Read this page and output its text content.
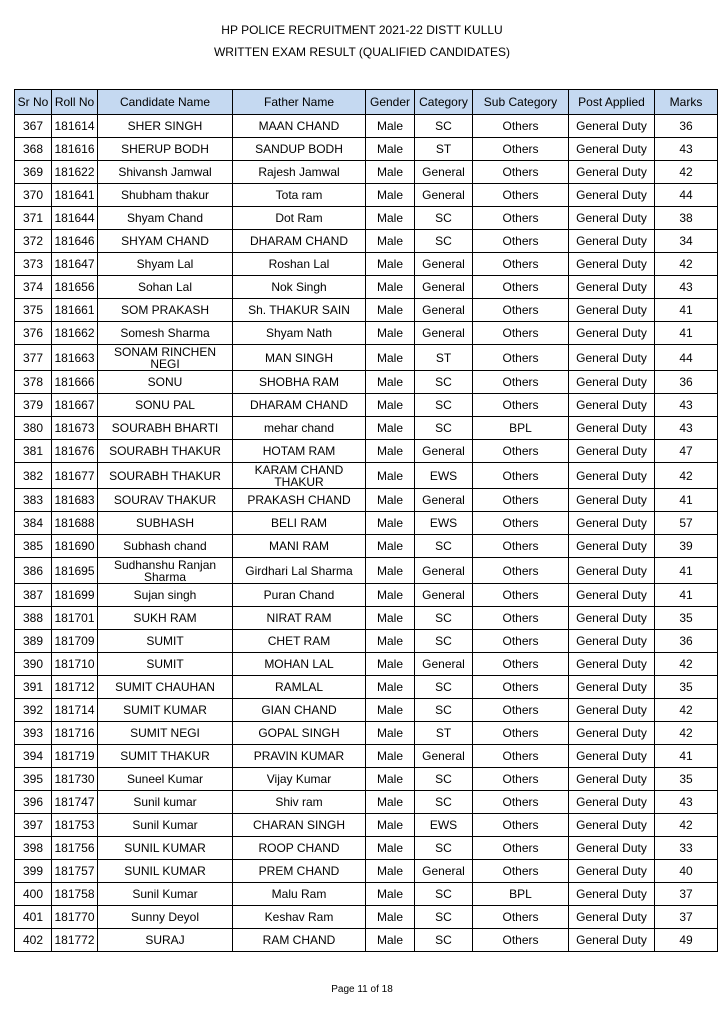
HP POLICE RECRUITMENT 2021-22 DISTT KULLU
WRITTEN EXAM RESULT (QUALIFIED CANDIDATES)
Sr No	Roll No	Candidate Name	Father Name	Gender	Category	Sub Category	Post Applied	Marks
367	181614	SHER SINGH	MAAN CHAND	Male	SC	Others	General Duty	36
368	181616	SHERUP BODH	SANDUP BODH	Male	ST	Others	General Duty	43
369	181622	Shivansh Jamwal	Rajesh Jamwal	Male	General	Others	General Duty	42
370	181641	Shubham thakur	Tota ram	Male	General	Others	General Duty	44
371	181644	Shyam Chand	Dot Ram	Male	SC	Others	General Duty	38
372	181646	SHYAM CHAND	DHARAM CHAND	Male	SC	Others	General Duty	34
373	181647	Shyam Lal	Roshan Lal	Male	General	Others	General Duty	42
374	181656	Sohan Lal	Nok Singh	Male	General	Others	General Duty	43
375	181661	SOM PRAKASH	Sh. THAKUR SAIN	Male	General	Others	General Duty	41
376	181662	Somesh Sharma	Shyam Nath	Male	General	Others	General Duty	41
377	181663	SONAM RINCHEN NEGI	MAN SINGH	Male	ST	Others	General Duty	44
378	181666	SONU	SHOBHA RAM	Male	SC	Others	General Duty	36
379	181667	SONU PAL	DHARAM CHAND	Male	SC	Others	General Duty	43
380	181673	SOURABH BHARTI	mehar chand	Male	SC	BPL	General Duty	43
381	181676	SOURABH THAKUR	HOTAM RAM	Male	General	Others	General Duty	47
382	181677	SOURABH THAKUR	KARAM CHAND THAKUR	Male	EWS	Others	General Duty	42
383	181683	SOURAV THAKUR	PRAKASH CHAND	Male	General	Others	General Duty	41
384	181688	SUBHASH	BELI RAM	Male	EWS	Others	General Duty	57
385	181690	Subhash chand	MANI RAM	Male	SC	Others	General Duty	39
386	181695	Sudhanshu Ranjan Sharma	Girdhari Lal Sharma	Male	General	Others	General Duty	41
387	181699	Sujan singh	Puran Chand	Male	General	Others	General Duty	41
388	181701	SUKH RAM	NIRAT RAM	Male	SC	Others	General Duty	35
389	181709	SUMIT	CHET RAM	Male	SC	Others	General Duty	36
390	181710	SUMIT	MOHAN LAL	Male	General	Others	General Duty	42
391	181712	SUMIT CHAUHAN	RAMLAL	Male	SC	Others	General Duty	35
392	181714	SUMIT KUMAR	GIAN CHAND	Male	SC	Others	General Duty	42
393	181716	SUMIT NEGI	GOPAL SINGH	Male	ST	Others	General Duty	42
394	181719	SUMIT THAKUR	PRAVIN KUMAR	Male	General	Others	General Duty	41
395	181730	Suneel Kumar	Vijay Kumar	Male	SC	Others	General Duty	35
396	181747	Sunil kumar	Shiv ram	Male	SC	Others	General Duty	43
397	181753	Sunil Kumar	CHARAN SINGH	Male	EWS	Others	General Duty	42
398	181756	SUNIL KUMAR	ROOP CHAND	Male	SC	Others	General Duty	33
399	181757	SUNIL KUMAR	PREM CHAND	Male	General	Others	General Duty	40
400	181758	Sunil Kumar	Malu Ram	Male	SC	BPL	General Duty	37
401	181770	Sunny Deyol	Keshav Ram	Male	SC	Others	General Duty	37
402	181772	SURAJ	RAM CHAND	Male	SC	Others	General Duty	49
Page 11 of 18
